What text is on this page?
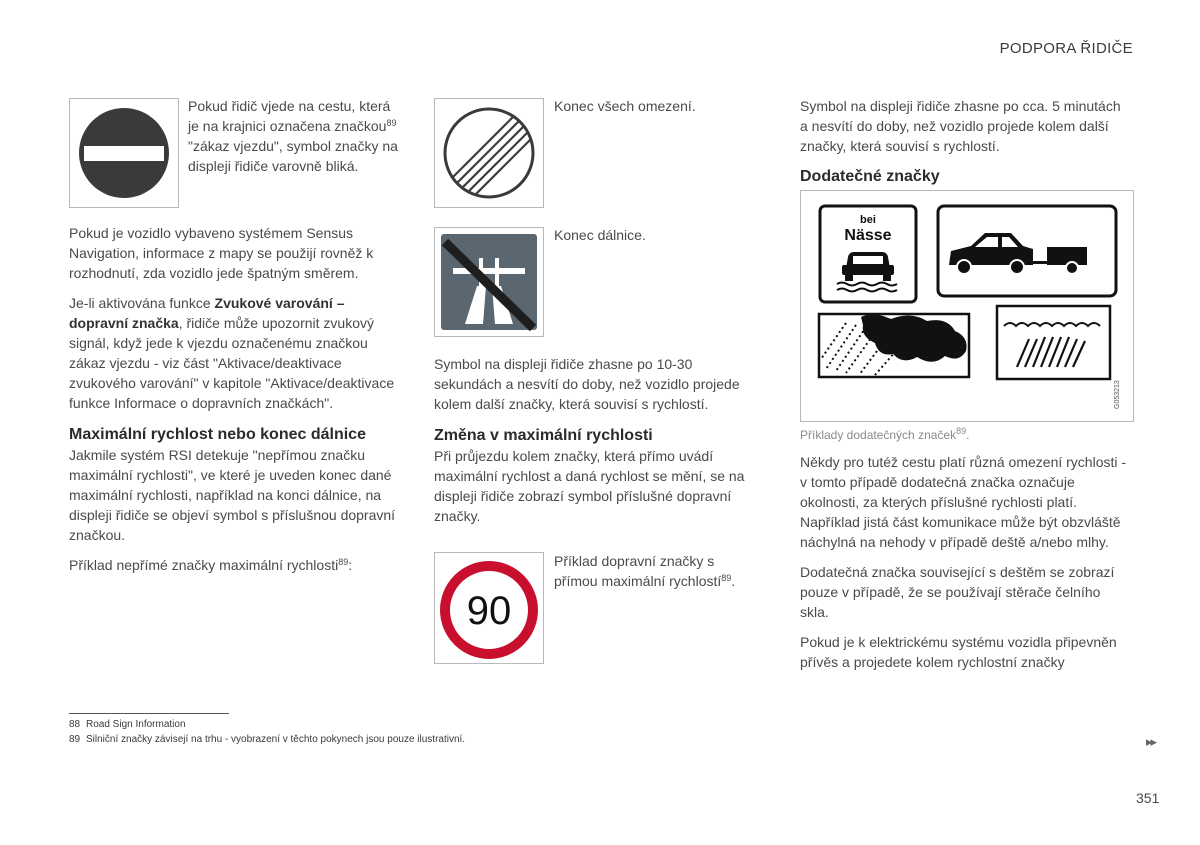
PODPORA ŘIDIČE
Pokud řidič vjede na cestu, která je na krajnici označena značkou$^{89}$ "zákaz vjezdu", symbol značky na displeji řidiče varovně bliká.

Pokud je vozidlo vybaveno systémem Sensus Navigation, informace z mapy se použijí rovněž k rozhodnutí, zda vozidlo jede špatným směrem.

Je-li aktivována funkce Zvukové varování – dopravní značka, řidiče může upozornit zvukový signál, když jede k vjezdu označenému značkou zákaz vjezdu - viz část "Aktivace/deaktivace zvukového varování" v kapitole "Aktivace/deaktivace funkce Informace o dopravních značkách".

Maximální rychlost nebo konec dálnice

Jakmile systém RSI detekuje "nepřímou značku maximální rychlosti", ve které je uveden konec dané maximální rychlosti, například na konci dálnice, na displeji řidiče se objeví symbol s příslušnou dopravní značkou.

Příklad nepřímé značky maximální rychlosti$^{89}$:

Konec všech omezení.
Konec dálnice.

Symbol na displeji řidiče zhasne po 10-30 sekundách a nesvítí do doby, než vozidlo projede kolem další značky, která souvisí s rychlostí.

Změna v maximální rychlosti

Při průjezdu kolem značky, která přímo uvádí maximální rychlost a daná rychlost se mění, se na displeji řidiče zobrazí symbol příslušné dopravní značky.

90
Příklad dopravní značky s přímou maximální rychlostí$^{89}$.
Symbol na displeji řidiče zhasne po cca. 5 minutách a nesvítí do doby, než vozidlo projede kolem další značky, která souvisí s rychlostí.
Dodatečné značky
bei
Nässe
G053213
Příklady dodatečných značek$^{89}$.

Někdy pro tutéž cestu platí různá omezení rychlosti - v tomto případě dodatečná značka označuje okolnosti, za kterých příslušné rychlosti platí. Například jistá část komunikace může být obzvláště náchylná na nehody v případě deště a/nebo mlhy.

Dodatečná značka související s deštěm se zobrazí pouze v případě, že se používají stěrače čelního skla.

Pokud je k elektrickému systému vozidla připevněn přívěs a projedete kolem rychlostní značky

88 Road Sign Information
89 Silniční značky závisejí na trhu - vyobrazení v těchto pokynech jsou pouze ilustrativní.	▸▸
351
